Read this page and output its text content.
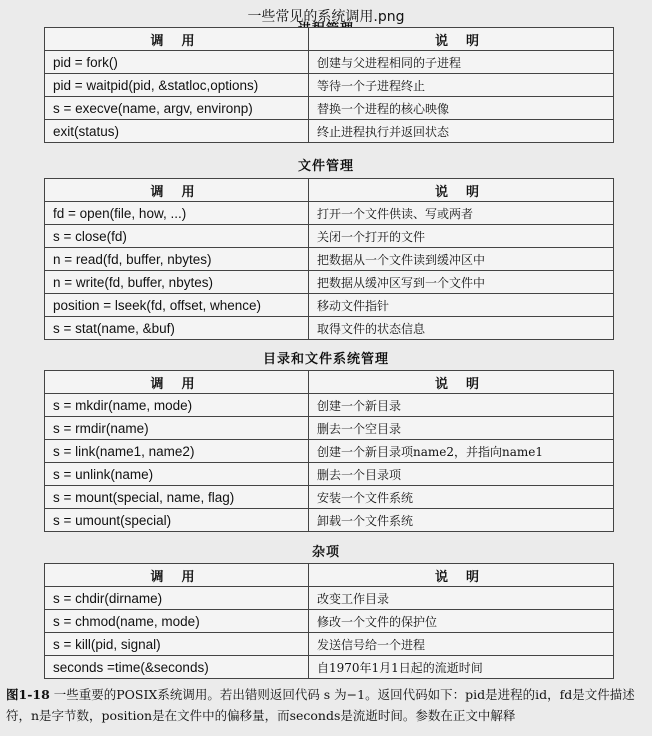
一些常见的系统调用.png
调用	说明
pid = fork()	创建与父进程相同的子进程
pid = waitpid(pid, &statloc,options)	等待一个子进程终止
s = execve(name, argv, environp)	替换一个进程的核心映像
exit(status)	终止进程执行并返回状态
文件管理
调用	说明
fd = open(file, how, ...)	打开一个文件供读、写或两者
s = close(fd)	关闭一个打开的文件
n = read(fd, buffer, nbytes)	把数据从一个文件读到缓冲区中
n = write(fd, buffer, nbytes)	把数据从缓冲区写到一个文件中
position = lseek(fd, offset, whence)	移动文件指针
s = stat(name, &buf)	取得文件的状态信息
目录和文件系统管理
调用	说明
s = mkdir(name, mode)	创建一个新目录
s = rmdir(name)	删去一个空目录
s = link(name1, name2)	创建一个新目录项name2，并指向name1
s = unlink(name)	删去一个目录项
s = mount(special, name, flag)	安装一个文件系统
s = umount(special)	卸载一个文件系统
杂项
调用	说明
s = chdir(dirname)	改变工作目录
s = chmod(name, mode)	修改一个文件的保护位
s = kill(pid, signal)	发送信号给一个进程
seconds =time(&seconds)	自1970年1月1日起的流逝时间
图1-18 一些重要的POSIX系统调用。若出错则返回代码 s 为−1。返回代码如下：pid是进程的id，fd是文件描述符，n是字节数，position是在文件中的偏移量，而seconds是流逝时间。参数在正文中解释
